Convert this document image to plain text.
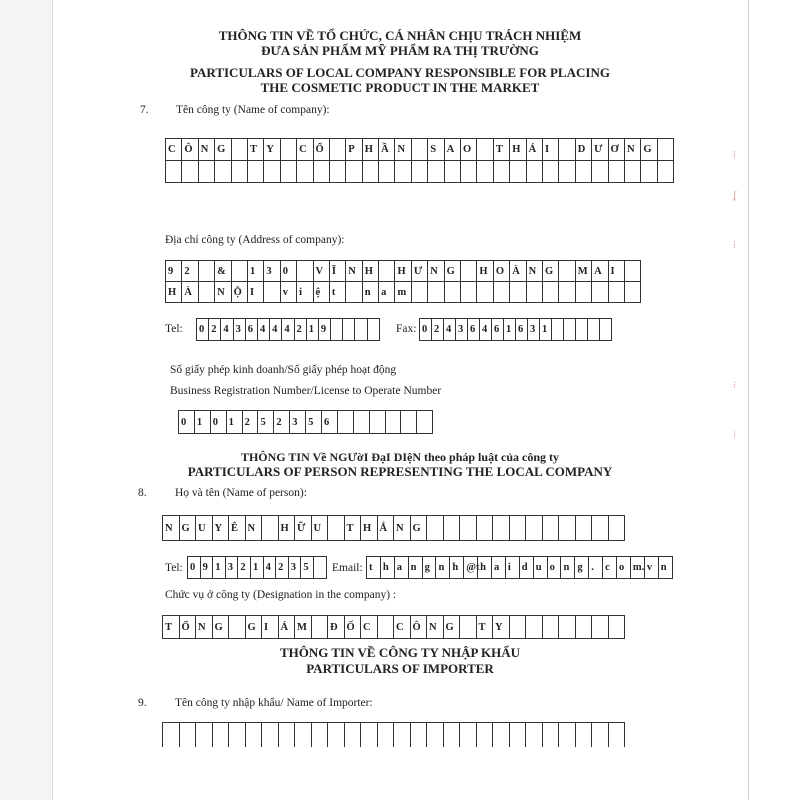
⁞
ʆ
⁞
⁝
⁝
THÔNG TIN VỀ TỔ CHỨC, CÁ NHÂN CHỊU TRÁCH NHIỆM
ĐƯA SẢN PHẨM MỸ PHẨM RA THỊ TRƯỜNG
PARTICULARS OF LOCAL COMPANY RESPONSIBLE FOR PLACING
THE COSMETIC PRODUCT IN THE MARKET
7. Tên công ty (Name of company):
C Ô N G	T Y	C Ổ	P H Ầ N	S	A O	T H Á I	D Ư Ơ N G
Địa chỉ công ty (Address of company):
9	2	&	1	3	0	V Ĩ	N H	H Ư N G	H O À N G	M A I
H À	N Ộ I	v	i	ệ	t	n	a	m
Tel: 0 2 4 3 6 4 4 4 2 1 9	Fax: 0 2 4 3 6 4 6 1 6 3 1
Số giấy phép kinh doanh/Số giấy phép hoạt động
Business Registration Number/License to Operate Number
0	1	0	1	2	5	2	3	5	6
THÔNG TIN Về NGƯờI ĐạI DIệN theo pháp luật của công ty
PARTICULARS OF PERSON REPRESENTING THE LOCAL COMPANY
8. Họ và tên (Name of person):
N G U Y Ê N	H Ữ U	T H Ắ N G
Tel: 0 9 1 3 2 1 4 2 3 5	Email: t h a n g n h @t h a i	d u o n g .	c o m. v n
Chức vụ ở công ty (Designation in the company) :
T Ổ N G	G I	Á M	Đ Ố C	C Ô N G	T Y
THÔNG TIN VỀ CÔNG TY NHẬP KHẨU
PARTICULARS OF IMPORTER
9. Tên công ty nhập khẩu/ Name of Importer:
